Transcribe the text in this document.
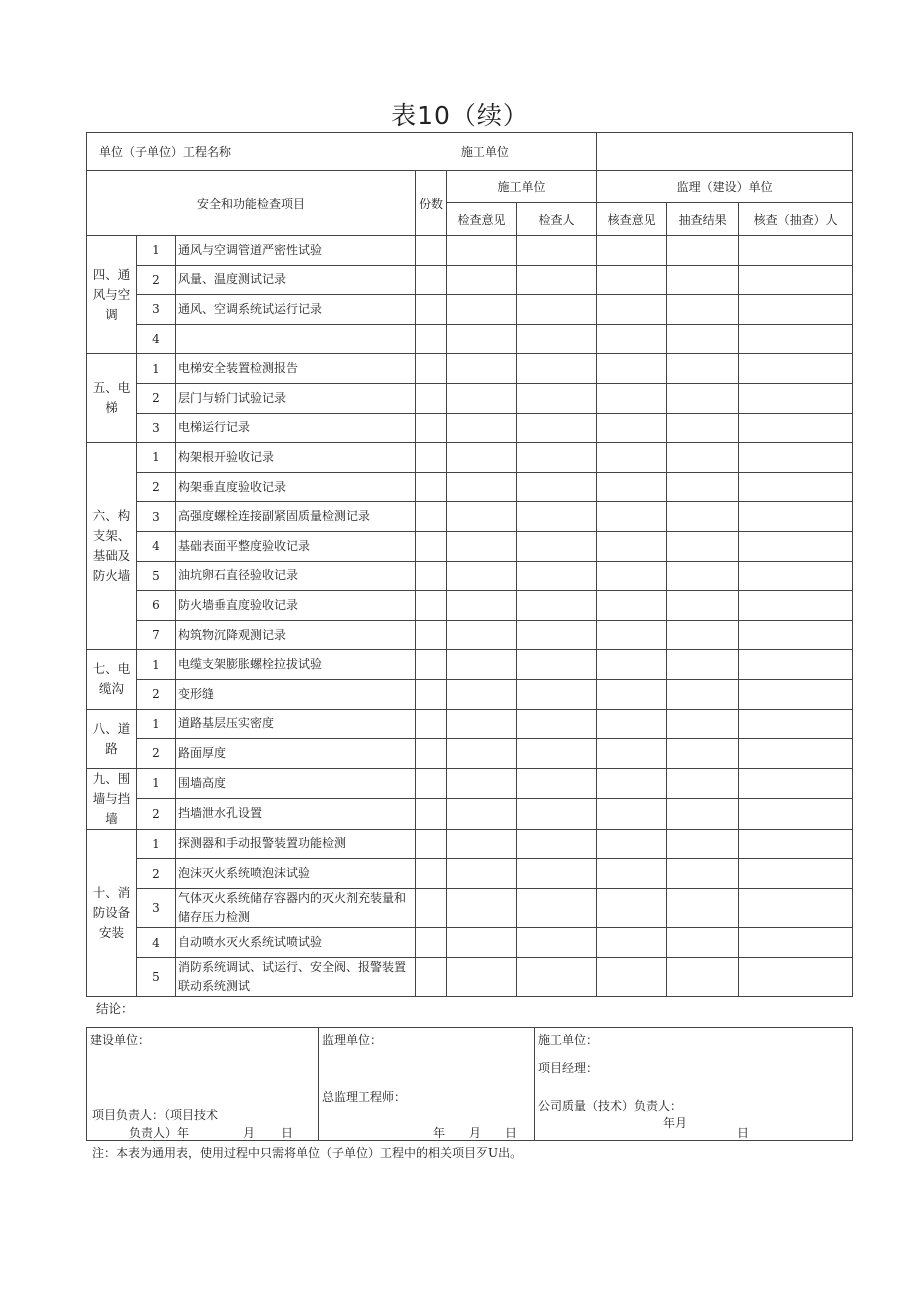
表10（续）
单位（子单位）工程名称 施工单位								
安全和功能检查项目			份数	施工单位		监理（建设）单位		
				检查意见	检查人	核查意见	抽查结果	核查（抽查）人
四、通风与空调	1	通风与空调管道严密性试验						
	2	风量、温度测试记录						
	3	通风、空调系统试运行记录						
	4							
五、电梯	1	电梯安全装置检测报告						
	2	层门与轿门试验记录						
	3	电梯运行记录						
六、构支架、基础及防火墙	1	构架根开验收记录						
	2	构架垂直度验收记录						
	3	高强度螺栓连接副紧固质量检测记录						
	4	基础表面平整度验收记录						
	5	油坑卵石直径验收记录						
	6	防火墙垂直度验收记录						
	7	构筑物沉降观测记录						
七、电缆沟	1	电缆支架膨胀螺栓拉拔试验						
	2	变形缝						
八、道路	1	道路基层压实密度						
	2	路面厚度						
九、围墙与挡墙	1	围墙高度						
	2	挡墙泄水孔设置						
十、消防设备安装	1	探测器和手动报警装置功能检测						
	2	泡沫灭火系统喷泡沫试验						
	3	气体灭火系统储存容器内的灭火剂充装量和储存压力检测						
	4	自动喷水灭火系统试喷试验						
	5	消防系统调试、试运行、安全阀、报警装置联动系统测试						
结论：
建设单位：
项目负责人：（项目技术
负责人）年	月 日

监理单位：
总监理工程师：
年 月 日

施工单位：
项目经理：
公司质量（技术）负责人：
年月
日
注：本表为通用表，使用过程中只需将单位（子单位）工程中的相关项目歹U出。
